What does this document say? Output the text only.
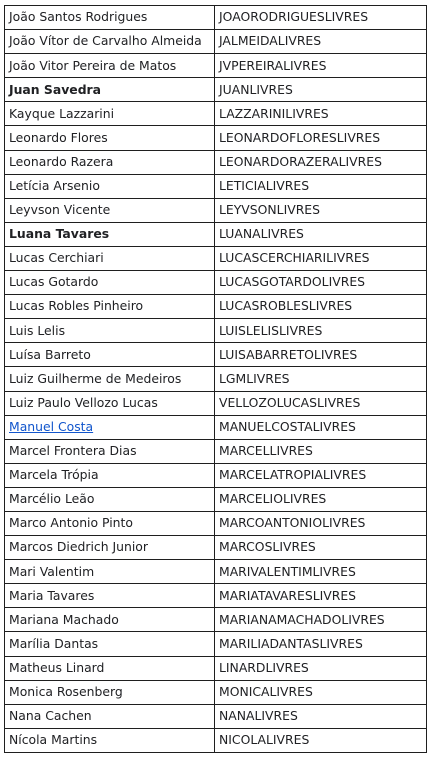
João Santos Rodrigues	JOAORODRIGUESLIVRES
João Vítor de Carvalho Almeida	JALMEIDALIVRES
João Vitor Pereira de Matos	JVPEREIRALIVRES
Juan Savedra	JUANLIVRES
Kayque Lazzarini	LAZZARINILIVRES
Leonardo Flores	LEONARDOFLORESLIVRES
Leonardo Razera	LEONARDORAZERALIVRES
Letícia Arsenio	LETICIALIVRES
Leyvson Vicente	LEYVSONLIVRES
Luana Tavares	LUANALIVRES
Lucas Cerchiari	LUCASCERCHIARILIVRES
Lucas Gotardo	LUCASGOTARDOLIVRES
Lucas Robles Pinheiro	LUCASROBLESLIVRES
Luis Lelis	LUISLELISLIVRES
Luísa Barreto	LUISABARRETOLIVRES
Luiz Guilherme de Medeiros	LGMLIVRES
Luiz Paulo Vellozo Lucas	VELLOZOLUCASLIVRES
Manuel Costa	MANUELCOSTALIVRES
Marcel Frontera Dias	MARCELLIVRES
Marcela Trópia	MARCELATROPIALIVRES
Marcélio Leão	MARCELIOLIVRES
Marco Antonio Pinto	MARCOANTONIOLIVRES
Marcos Diedrich Junior	MARCOSLIVRES
Mari Valentim	MARIVALENTIMLIVRES
Maria Tavares	MARIATAVARESLIVRES
Mariana Machado	MARIANAMACHADOLIVRES
Marília Dantas	MARILIADANTASLIVRES
Matheus Linard	LINARDLIVRES
Monica Rosenberg	MONICALIVRES
Nana Cachen	NANALIVRES
Nícola Martins	NICOLALIVRES
